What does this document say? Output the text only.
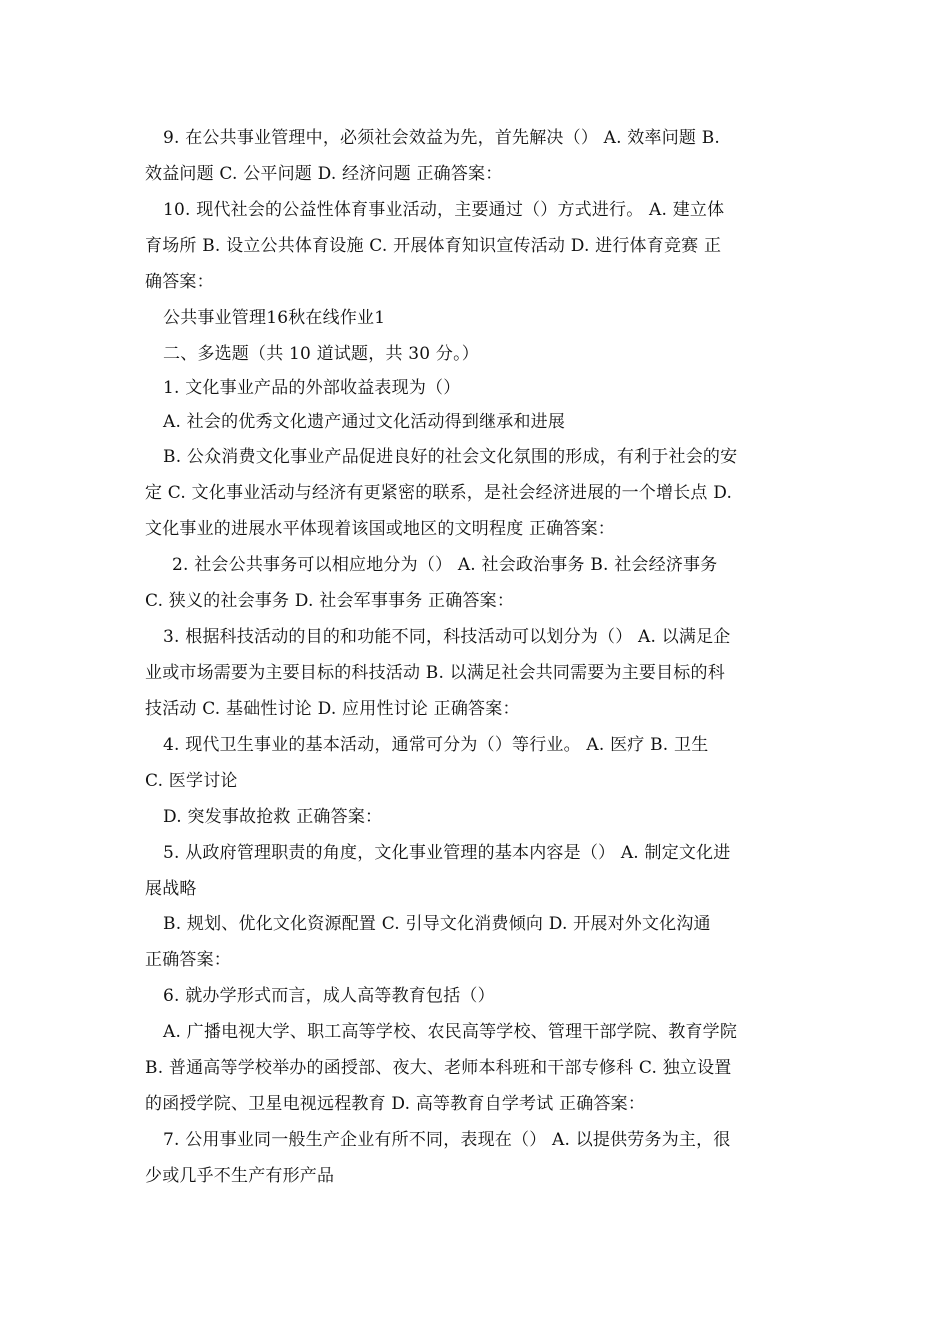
9. 在公共事业管理中，必须社会效益为先，首先解决（） A. 效率问题 B.
效益问题 C. 公平问题 D. 经济问题 正确答案：
10. 现代社会的公益性体育事业活动，主要通过（）方式进行。 A. 建立体
育场所 B. 设立公共体育设施 C. 开展体育知识宣传活动 D. 进行体育竞赛 正
确答案：
公共事业管理16秋在线作业1
二、多选题（共 10 道试题，共 30 分。）
1. 文化事业产品的外部收益表现为（）
A. 社会的优秀文化遗产通过文化活动得到继承和进展
B. 公众消费文化事业产品促进良好的社会文化氛围的形成，有利于社会的安
定 C. 文化事业活动与经济有更紧密的联系，是社会经济进展的一个增长点 D.
文化事业的进展水平体现着该国或地区的文明程度 正确答案：
2. 社会公共事务可以相应地分为（） A. 社会政治事务 B. 社会经济事务
C. 狭义的社会事务 D. 社会军事事务 正确答案：
3. 根据科技活动的目的和功能不同，科技活动可以划分为（） A. 以满足企
业或市场需要为主要目标的科技活动 B. 以满足社会共同需要为主要目标的科
技活动 C. 基础性讨论 D. 应用性讨论 正确答案：
4. 现代卫生事业的基本活动，通常可分为（）等行业。 A. 医疗 B. 卫生
C. 医学讨论
D. 突发事故抢救 正确答案：
5. 从政府管理职责的角度，文化事业管理的基本内容是（） A. 制定文化进
展战略
B. 规划、优化文化资源配置 C. 引导文化消费倾向 D. 开展对外文化沟通
正确答案：
6. 就办学形式而言，成人高等教育包括（）
A. 广播电视大学、职工高等学校、农民高等学校、管理干部学院、教育学院
B. 普通高等学校举办的函授部、夜大、老师本科班和干部专修科 C. 独立设置
的函授学院、卫星电视远程教育 D. 高等教育自学考试 正确答案：
7. 公用事业同一般生产企业有所不同，表现在（） A. 以提供劳务为主，很
少或几乎不生产有形产品
